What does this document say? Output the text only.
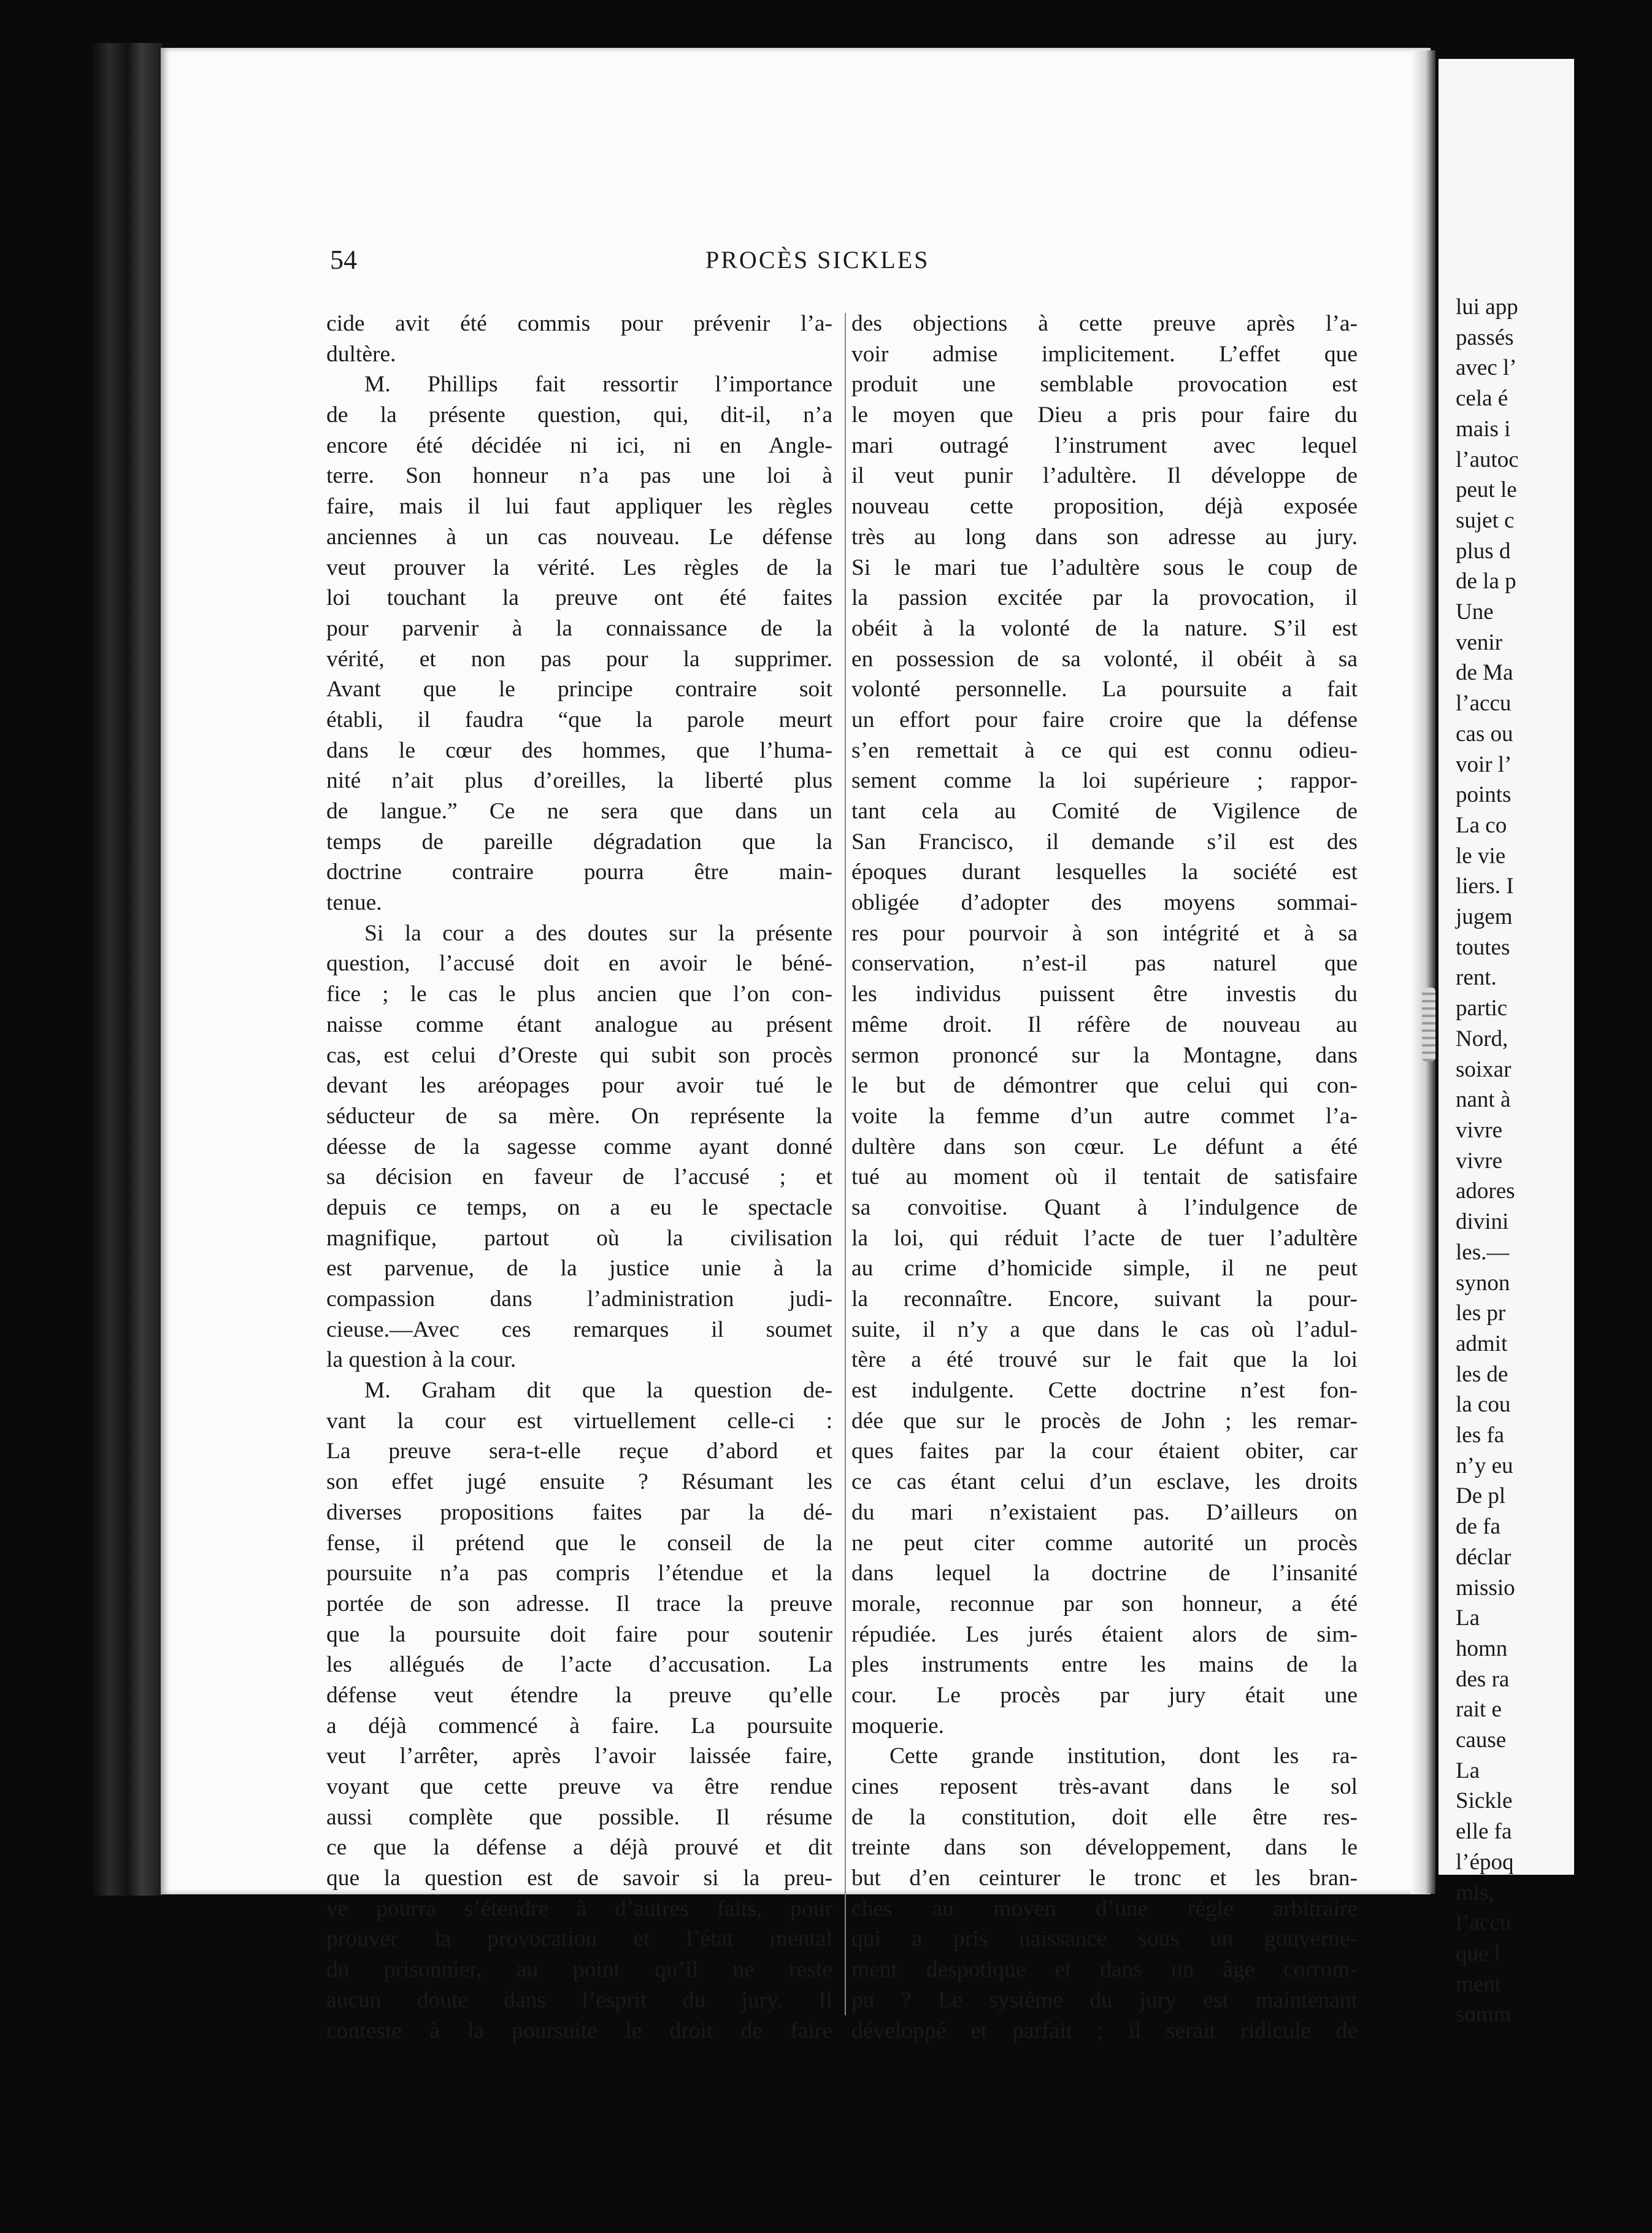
lui app
passés
avec l’
cela é
mais i
l’autoc
peut le
sujet c
plus d
de la p
Une
venir
de Ma
l’accu
cas ou
voir l’
points
La co
le vie
liers. I
jugem
toutes
rent.
partic
Nord,
soixar
nant à
vivre
vivre
adores
divini
les.—
synon
les pr
admit
les de
la cou
les fa
n’y eu
De pl
de fa
déclar
missio
La
homn
des ra
rait e
cause
La
Sickle
elle fa
l’époq
mis,
l’accu
que l
ment
somm
54	PROCÈS SICKLES
cide avit été commis pour prévenir l’a-
dultère.
M. Phillips fait ressortir l’importance
de la présente question, qui, dit-il, n’a
encore été décidée ni ici, ni en Angle-
terre. Son honneur n’a pas une loi à
faire, mais il lui faut appliquer les règles
anciennes à un cas nouveau. Le défense
veut prouver la vérité. Les règles de la
loi touchant la preuve ont été faites
pour parvenir à la connaissance de la
vérité, et non pas pour la supprimer.
Avant que le principe contraire soit
établi, il faudra “que la parole meurt
dans le cœur des hommes, que l’huma-
nité n’ait plus d’oreilles, la liberté plus
de langue.” Ce ne sera que dans un
temps de pareille dégradation que la
doctrine contraire pourra être main-
tenue.
Si la cour a des doutes sur la présente
question, l’accusé doit en avoir le béné-
fice ; le cas le plus ancien que l’on con-
naisse comme étant analogue au présent
cas, est celui d’Oreste qui subit son procès
devant les aréopages pour avoir tué le
séducteur de sa mère. On représente la
déesse de la sagesse comme ayant donné
sa décision en faveur de l’accusé ; et
depuis ce temps, on a eu le spectacle
magnifique, partout où la civilisation
est parvenue, de la justice unie à la
compassion dans l’administration judi-
cieuse.—Avec ces remarques il soumet
la question à la cour.
M. Graham dit que la question de-
vant la cour est virtuellement celle-ci :
La preuve sera-t-elle reçue d’abord et
son effet jugé ensuite ? Résumant les
diverses propositions faites par la dé-
fense, il prétend que le conseil de la
poursuite n’a pas compris l’étendue et la
portée de son adresse. Il trace la preuve
que la poursuite doit faire pour soutenir
les allégués de l’acte d’accusation. La
défense veut étendre la preuve qu’elle
a déjà commencé à faire. La poursuite
veut l’arrêter, après l’avoir laissée faire,
voyant que cette preuve va être rendue
aussi complète que possible. Il résume
ce que la défense a déjà prouvé et dit
que la question est de savoir si la preu-
ve pourra s’étendre à d’autres faits, pour
prouver la provocation et l’état mental
du prisonnier, au point qu’il ne reste
aucun doute dans l’esprit du jury. Il
conteste à la poursuite le droit de faire
des objections à cette preuve après l’a-
voir admise implicitement. L’effet que
produit une semblable provocation est
le moyen que Dieu a pris pour faire du
mari outragé l’instrument avec lequel
il veut punir l’adultère. Il développe de
nouveau cette proposition, déjà exposée
très au long dans son adresse au jury.
Si le mari tue l’adultère sous le coup de
la passion excitée par la provocation, il
obéit à la volonté de la nature. S’il est
en possession de sa volonté, il obéit à sa
volonté personnelle. La poursuite a fait
un effort pour faire croire que la défense
s’en remettait à ce qui est connu odieu-
sement comme la loi supérieure ; rappor-
tant cela au Comité de Vigilence de
San Francisco, il demande s’il est des
époques durant lesquelles la société est
obligée d’adopter des moyens sommai-
res pour pourvoir à son intégrité et à sa
conservation, n’est-il pas naturel que
les individus puissent être investis du
même droit. Il réfère de nouveau au
sermon prononcé sur la Montagne, dans
le but de démontrer que celui qui con-
voite la femme d’un autre commet l’a-
dultère dans son cœur. Le défunt a été
tué au moment où il tentait de satisfaire
sa convoitise. Quant à l’indulgence de
la loi, qui réduit l’acte de tuer l’adultère
au crime d’homicide simple, il ne peut
la reconnaître. Encore, suivant la pour-
suite, il n’y a que dans le cas où l’adul-
tère a été trouvé sur le fait que la loi
est indulgente. Cette doctrine n’est fon-
dée que sur le procès de John ; les remar-
ques faites par la cour étaient obiter, car
ce cas étant celui d’un esclave, les droits
du mari n’existaient pas. D’ailleurs on
ne peut citer comme autorité un procès
dans lequel la doctrine de l’insanité
morale, reconnue par son honneur, a été
répudiée. Les jurés étaient alors de sim-
ples instruments entre les mains de la
cour. Le procès par jury était une
moquerie.
Cette grande institution, dont les ra-
cines reposent très-avant dans le sol
de la constitution, doit elle être res-
treinte dans son développement, dans le
but d’en ceinturer le tronc et les bran-
ches au moyen d’une règle arbitraire
qui a pris naissance sous un gouverne-
ment despotique et dans un âge corrom-
pu ? Le système du jury est maintenant
développé et parfait ; il serait ridicule de
